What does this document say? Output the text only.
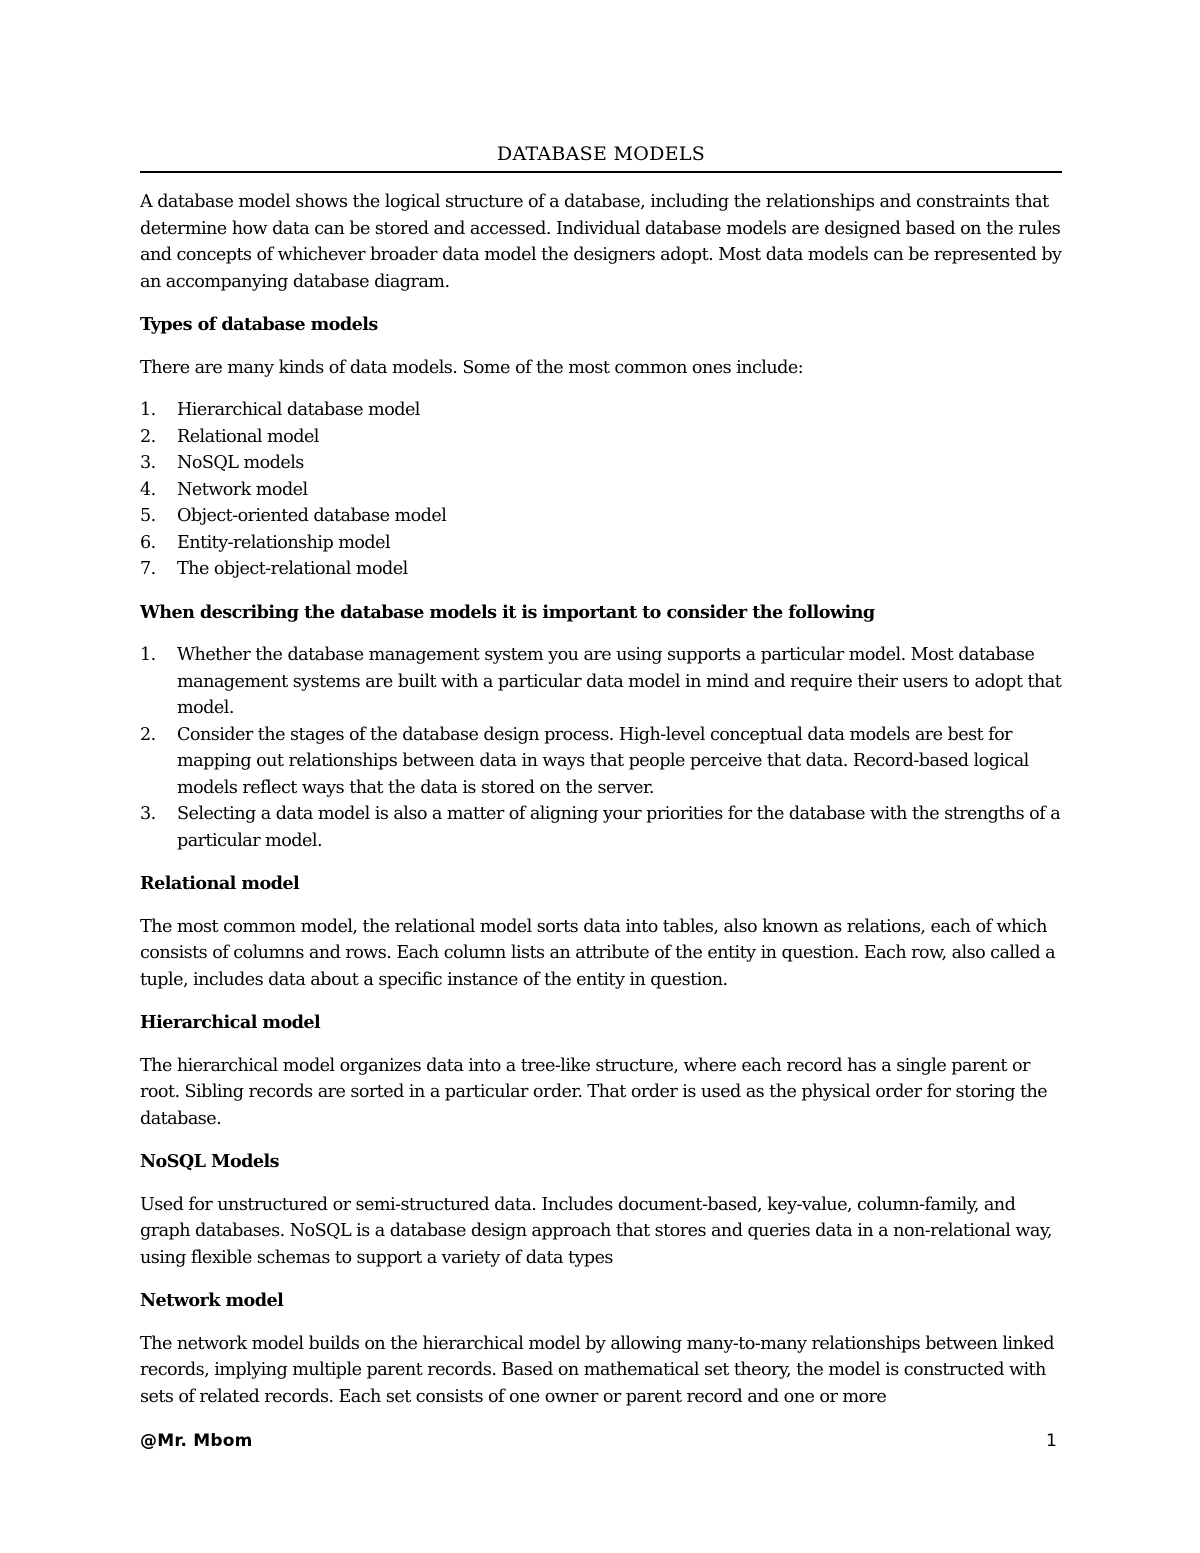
DATABASE MODELS

A database model shows the logical structure of a database, including the relationships and constraints that determine how data can be stored and accessed. Individual database models are designed based on the rules and concepts of whichever broader data model the designers adopt. Most data models can be represented by an accompanying database diagram.

Types of database models

There are many kinds of data models. Some of the most common ones include:

1. Hierarchical database model
2. Relational model
3. NoSQL models
4. Network model
5. Object-oriented database model
6. Entity-relationship model
7. The object-relational model
When describing the database models it is important to consider the following
1. Whether the database management system you are using supports a particular model. Most database management systems are built with a particular data model in mind and require their users to adopt that model.
2. Consider the stages of the database design process. High-level conceptual data models are best for mapping out relationships between data in ways that people perceive that data. Record-based logical models reflect ways that the data is stored on the server.
3. Selecting a data model is also a matter of aligning your priorities for the database with the strengths of a particular model.
Relational model

The most common model, the relational model sorts data into tables, also known as relations, each of which consists of columns and rows. Each column lists an attribute of the entity in question. Each row, also called a tuple, includes data about a specific instance of the entity in question.

Hierarchical model

The hierarchical model organizes data into a tree-like structure, where each record has a single parent or root. Sibling records are sorted in a particular order. That order is used as the physical order for storing the database.

NoSQL Models

Used for unstructured or semi-structured data. Includes document-based, key-value, column-family, and graph databases. NoSQL is a database design approach that stores and queries data in a non-relational way, using flexible schemas to support a variety of data types

Network model

The network model builds on the hierarchical model by allowing many-to-many relationships between linked records, implying multiple parent records. Based on mathematical set theory, the model is constructed with sets of related records. Each set consists of one owner or parent record and one or more

@Mr. Mbom	1
